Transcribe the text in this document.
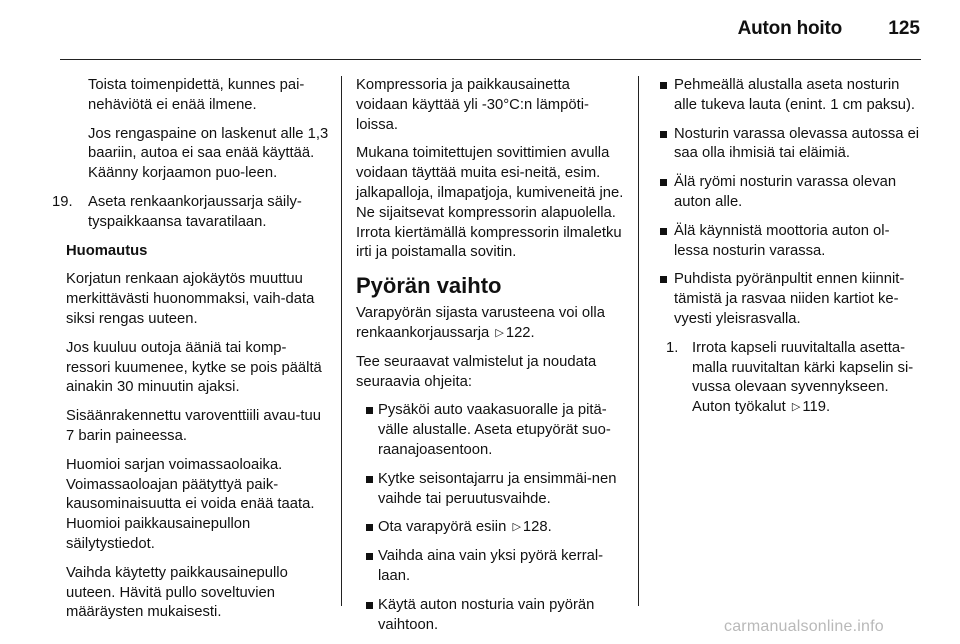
Auton hoito 125

Toista toimenpidettä, kunnes pai-nehäviötä ei enää ilmene.

Jos rengaspaine on laskenut alle 1,3 baariin, autoa ei saa enää käyttää. Käänny korjaamon puo-leen.

19. Aseta renkaankorjaussarja säily-tyspaikkaansa tavaratilaan.

Huomautus

Korjatun renkaan ajokäytös muuttuu merkittävästi huonommaksi, vaih-data siksi rengas uuteen.

Jos kuuluu outoja ääniä tai komp-ressori kuumenee, kytke se pois päältä ainakin 30 minuutin ajaksi.

Sisäänrakennettu varoventtiili avau-tuu 7 barin paineessa.

Huomioi sarjan voimassaoloaika. Voimassaoloajan päätyttyä paik-kausominaisuutta ei voida enää taata. Huomioi paikkausainepullon säilytystiedot.

Vaihda käytetty paikkausainepullo uuteen. Hävitä pullo soveltuvien määräysten mukaisesti.

Kompressoria ja paikkausainetta voidaan käyttää yli -30°C:n lämpöti-loissa.

Mukana toimitettujen sovittimien avulla voidaan täyttää muita esi-neitä, esim. jalkapalloja, ilmapatjoja, kumiveneitä jne. Ne sijaitsevat kompressorin alapuolella. Irrota kiertämällä kompressorin ilmaletku irti ja poistamalla sovitin.

Pyörän vaihto

Varapyörän sijasta varusteena voi olla renkaankorjaussarja ▷ 122.

Tee seuraavat valmistelut ja noudata seuraavia ohjeita:

Pysäköi auto vaakasuoralle ja pitä-välle alustalle. Aseta etupyörät suo-raanajoasentoon.
Kytke seisontajarru ja ensimmäi-nen vaihde tai peruutusvaihde.
Ota varapyörä esiin ▷ 128.
Vaihda aina vain yksi pyörä kerral-laan.
Käytä auton nosturia vain pyörän vaihtoon.
Pehmeällä alustalla aseta nosturin alle tukeva lauta (enint. 1 cm paksu).
Nosturin varassa olevassa autossa ei saa olla ihmisiä tai eläimiä.
Älä ryömi nosturin varassa olevan auton alle.
Älä käynnistä moottoria auton ol-lessa nosturin varassa.
Puhdista pyöränpultit ennen kiinnit-tämistä ja rasvaa niiden kartiot ke-vyesti yleisrasvalla.
1. Irrota kapseli ruuvitaltalla asetta-malla ruuvitaltan kärki kapselin si-vussa olevaan syvennykseen. Auton työkalut ▷ 119.
carmanualsonline.info
